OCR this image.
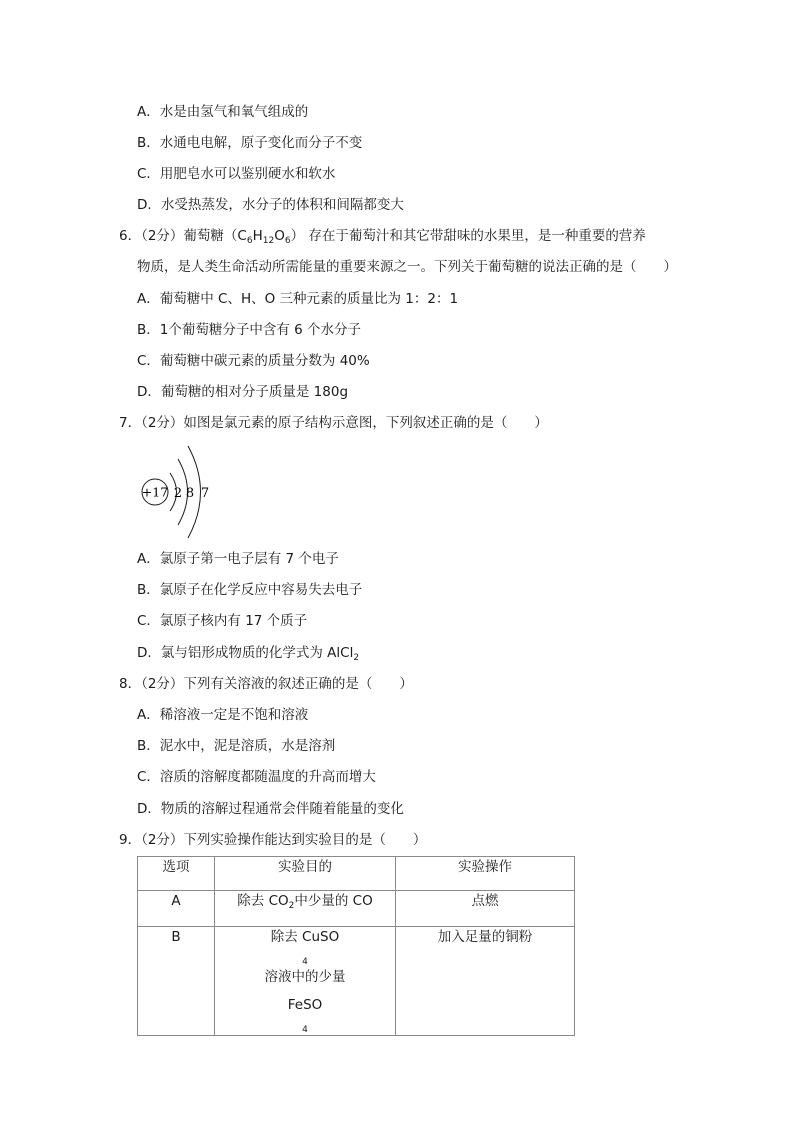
A．水是由氢气和氧气组成的
B．水通电电解，原子变化而分子不变
C．用肥皂水可以鉴别硬水和软水
D．水受热蒸发，水分子的体积和间隔都变大
6．（2分）葡萄糖$(C_6H_{12}O_6)$ 存在于葡萄汁和其它带甜味的水果里，是一种重要的营养
物质，是人类生命活动所需能量的重要来源之一。下列关于葡萄糖的说法正确的是（　　）
A．葡萄糖中 C、H、O 三种元素的质量比为 1：2：1
B．1个葡萄糖分子中含有 6 个水分子
C．葡萄糖中碳元素的质量分数为 40%
D．葡萄糖的相对分子质量是 180g
7．（2分）如图是氯元素的原子结构示意图，下列叙述正确的是（　　）
+17 2 8 7
A．氯原子第一电子层有 7 个电子
B．氯原子在化学反应中容易失去电子
C．氯原子核内有 17 个质子
D．氯与铝形成物质的化学式为 AlCl$_2$
8．（2分）下列有关溶液的叙述正确的是（　　）
A．稀溶液一定是不饱和溶液
B．泥水中，泥是溶质，水是溶剂
C．溶质的溶解度都随温度的升高而增大
D．物质的溶解过程通常会伴随着能量的变化
9．（2分）下列实验操作能达到实验目的是（　　）
选项	实验目的	实验操作
A	除去 $CO_2$中少量的 CO	点燃
B	除去 CuSO
$_4$
溶液中的少量
FeSO
$_4$	加入足量的铜粉
